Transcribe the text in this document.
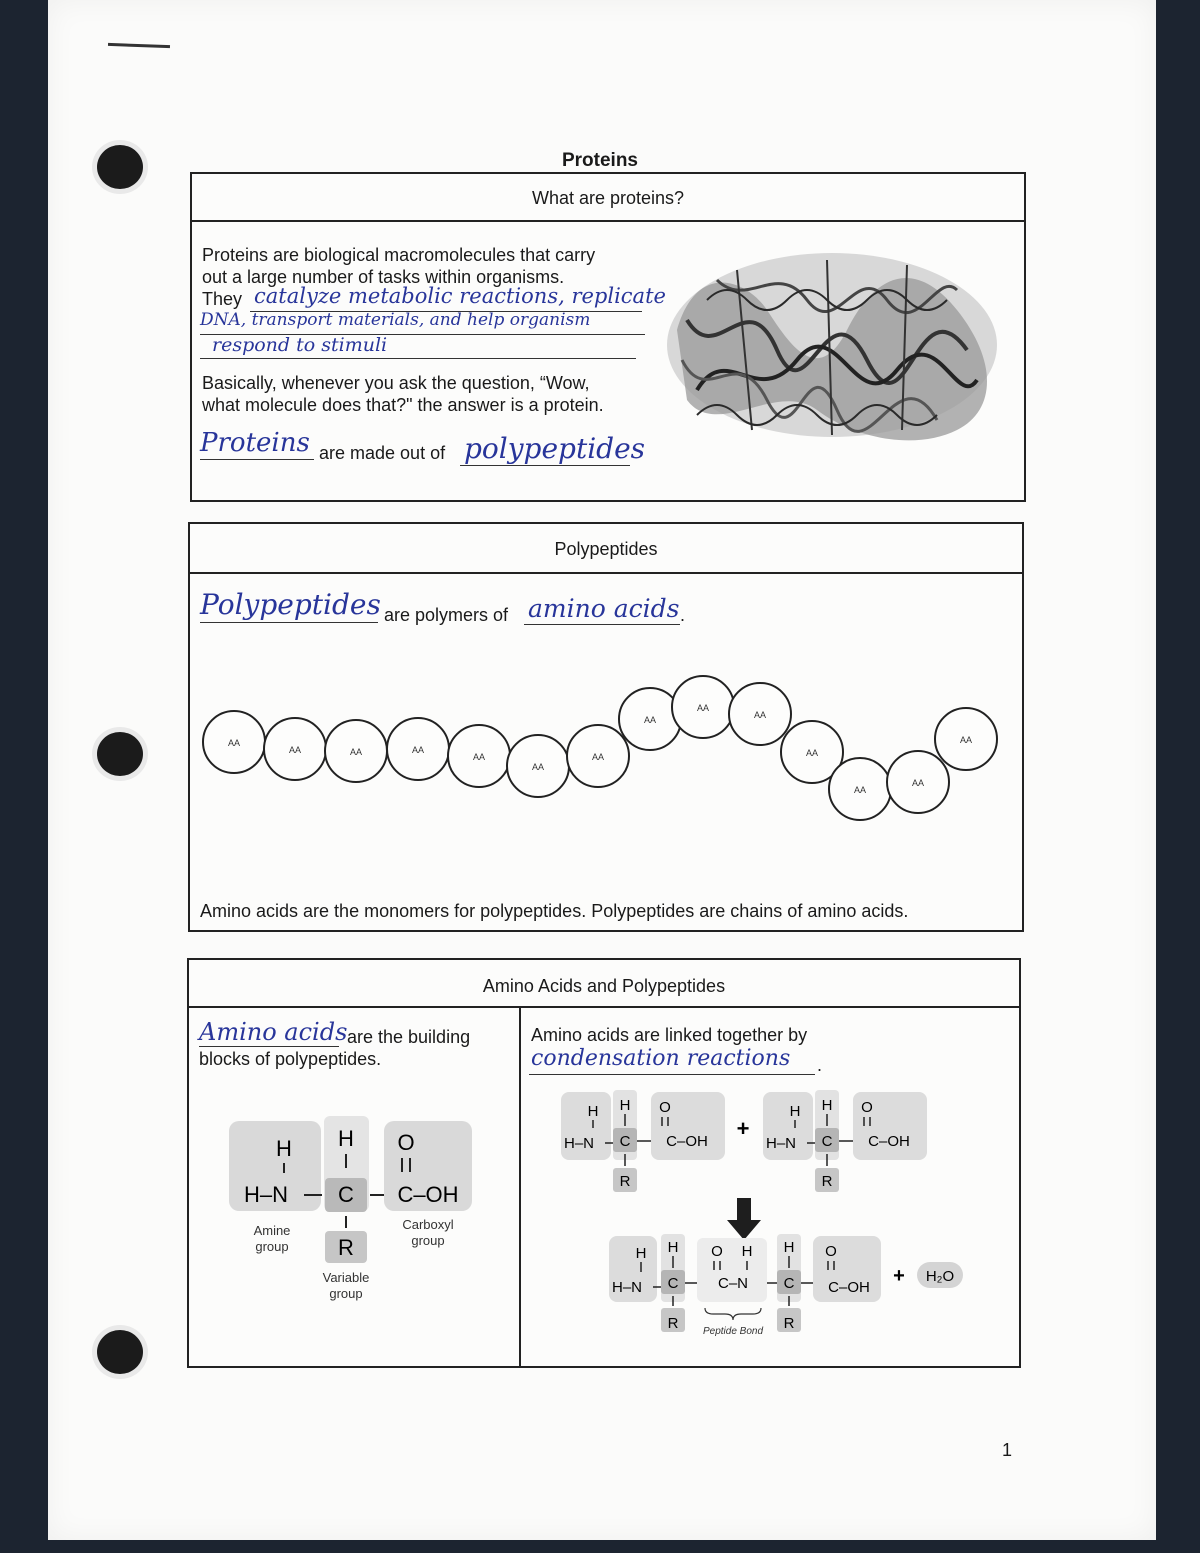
Proteins
What are proteins?
Proteins are biological macromolecules that carry
out a large number of tasks within organisms.
They catalyze metabolic reactions, replicate
DNA, transport materials, and help organism
respond to stimuli
Basically, whenever you ask the question, “Wow,
what molecule does that?" the answer is a protein.
Proteins are made out of polypeptides
Polypeptides
Polypeptides are polymers of amino acids .
AA
AA	AA	AA
AA
AA
AA
AA
AA
AA
AA
AA
AA
AA
Amino acids are the monomers for polypeptides. Polypeptides are chains of amino acids.
Amino Acids and Polypeptides
Amino acids are the building
blocks of polypeptides.
H
H–N
H
C
R
O
C–OH
Amine
group
Carboxyl
group
Variable
group
Amino acids are linked together by
condensation reactions .
H
H–N
H
C
R
O
C–OH
+
H
H–N
H
C
R
O
C–OH
H
H–N
H
C
R
O H
C–N
Peptide Bond
H
C
R
O
C–OH
+ H₂O
1
